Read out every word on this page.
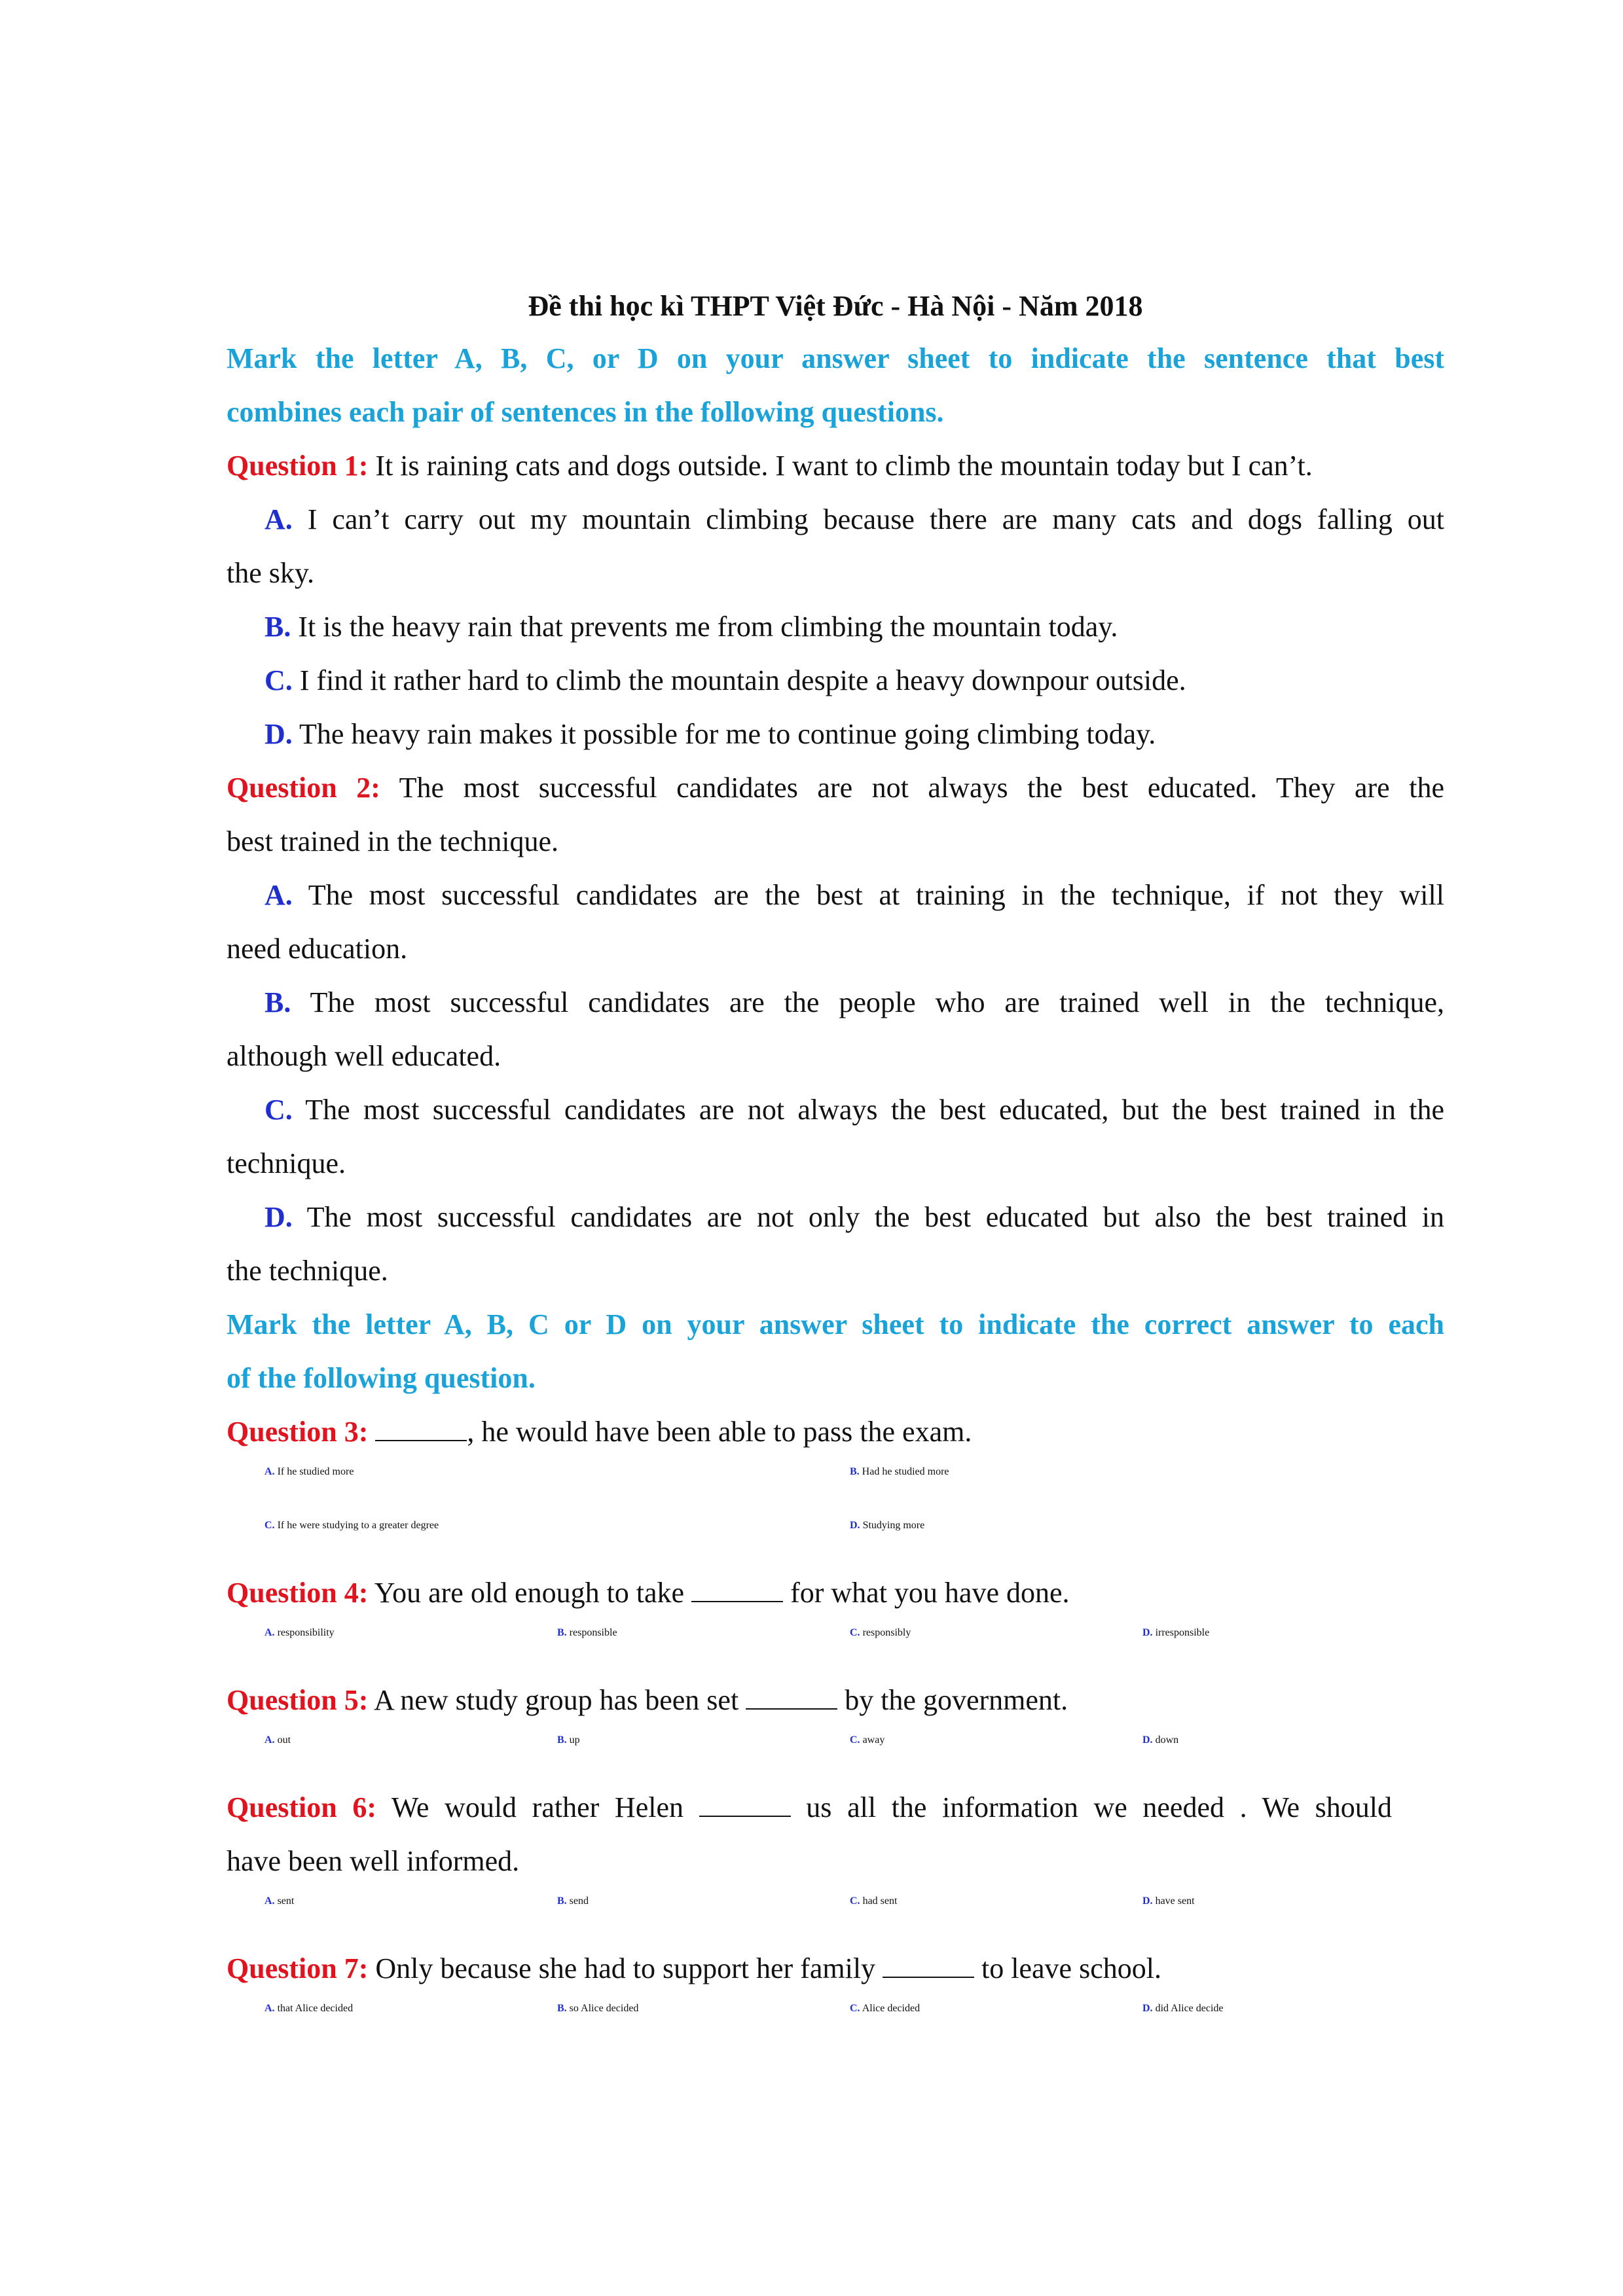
Đề thi học kì THPT Việt Đức - Hà Nội - Năm 2018
Mark the letter A, B, C, or D on your answer sheet to indicate the sentence that best
combines each pair of sentences in the following questions.
Question 1: It is raining cats and dogs outside. I want to climb the mountain today but I can’t.
A. I can’t carry out my mountain climbing because there are many cats and dogs falling out
the sky.
B. It is the heavy rain that prevents me from climbing the mountain today.
C. I find it rather hard to climb the mountain despite a heavy downpour outside.
D. The heavy rain makes it possible for me to continue going climbing today.
Question 2: The most successful candidates are not always the best educated. They are the
best trained in the technique.
A. The most successful candidates are the best at training in the technique, if not they will
need education.
B. The most successful candidates are the people who are trained well in the technique,
although well educated.
C. The most successful candidates are not always the best educated, but the best trained in the
technique.
D. The most successful candidates are not only the best educated but also the best trained in
the technique.
Mark the letter A, B, C or D on your answer sheet to indicate the correct answer to each
of the following question.
Question 3:	, he would have been able to pass the exam.
A. If he studied more	B. Had he studied more
C. If he were studying to a greater degree	D. Studying more
Question 4: You are old enough to take	for what you have done.
A. responsibility	B. responsible	C. responsibly	D. irresponsible
Question 5: A new study group has been set	by the government.
A. out	B. up	C. away	D. down
Question 6: We would rather Helen	us all the information we needed . We should
have been well informed.
A. sent	B. send	C. had sent	D. have sent
Question 7: Only because she had to support her family	to leave school.
A. that Alice decided	B. so Alice decided	C. Alice decided	D. did Alice decide
